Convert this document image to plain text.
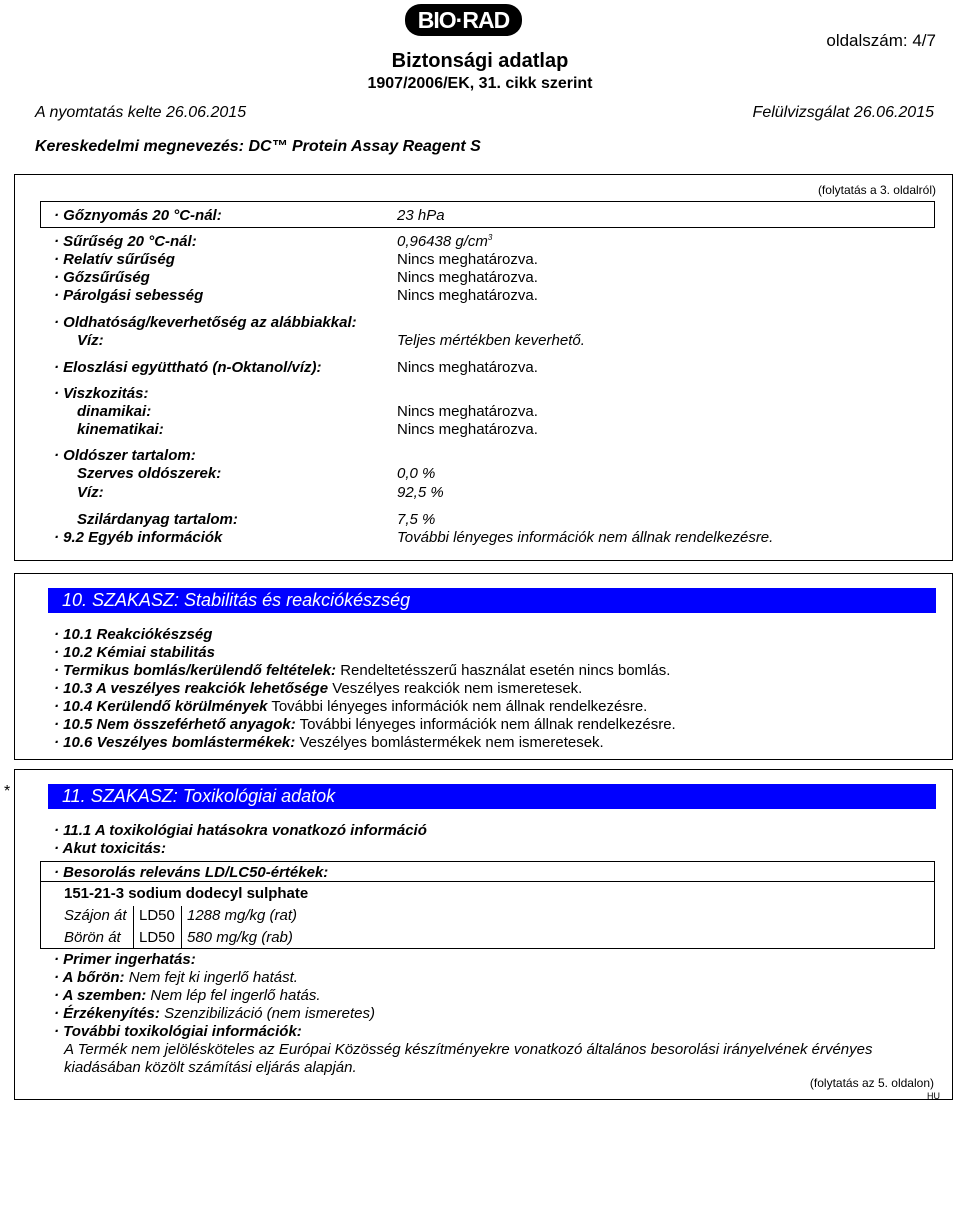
BIO·RAD
oldalszám: 4/7
Biztonsági adatlap
1907/2006/EK, 31. cikk szerint
A nyomtatás kelte 26.06.2015	Felülvizsgálat 26.06.2015
Kereskedelmi megnevezés: DC™ Protein Assay Reagent S
(folytatás a 3. oldalról)
· Gőznyomás 20 °C-nál:	23 hPa
· Sűrűség 20 °C-nál:	0,96438 $g/cm^3$
· Relatív sűrűség	Nincs meghatározva.
· Gőzsűrűség	Nincs meghatározva.
· Párolgási sebesség	Nincs meghatározva.
· Oldhatóság/keverhetőség az alábbiakkal:
Víz:	Teljes mértékben keverhető.
· Eloszlási együttható (n-Oktanol/víz):	Nincs meghatározva.
· Viszkozitás:
dinamikai:	Nincs meghatározva.
kinematikai:	Nincs meghatározva.
· Oldószer tartalom:
Szerves oldószerek:	0,0 %
Víz:	92,5 %
Szilárdanyag tartalom:	7,5 %
· 9.2 Egyéb információk	További lényeges információk nem állnak rendelkezésre.
10. SZAKASZ: Stabilitás és reakciókészség
· 10.1 Reakciókészség
· 10.2 Kémiai stabilitás
· Termikus bomlás/kerülendő feltételek: Rendeltetésszerű használat esetén nincs bomlás.
· 10.3 A veszélyes reakciók lehetősége Veszélyes reakciók nem ismeretesek.
· 10.4 Kerülendő körülmények További lényeges információk nem állnak rendelkezésre.
· 10.5 Nem összeférhető anyagok: További lényeges információk nem állnak rendelkezésre.
· 10.6 Veszélyes bomlástermékek: Veszélyes bomlástermékek nem ismeretesek.
*	11. SZAKASZ: Toxikológiai adatok
· 11.1 A toxikológiai hatásokra vonatkozó információ
· Akut toxicitás:
· Besorolás releváns LD/LC50-értékek:
151-21-3 sodium dodecyl sulphate
Szájon át LD50 1288 mg/kg (rat)
Börön át LD50 580 mg/kg (rab)
· Primer ingerhatás:
· A bőrön: Nem fejt ki ingerlő hatást.
· A szemben: Nem lép fel ingerlő hatás.
· Érzékenyítés: Szenzibilizáció (nem ismeretes)
· További toxikológiai információk:
A Termék nem jelölésköteles az Európai Közösség készítményekre vonatkozó általános besorolási irányelvének érvényes
kiadásában közölt számítási eljárás alapján.
(folytatás az 5. oldalon)
HU
